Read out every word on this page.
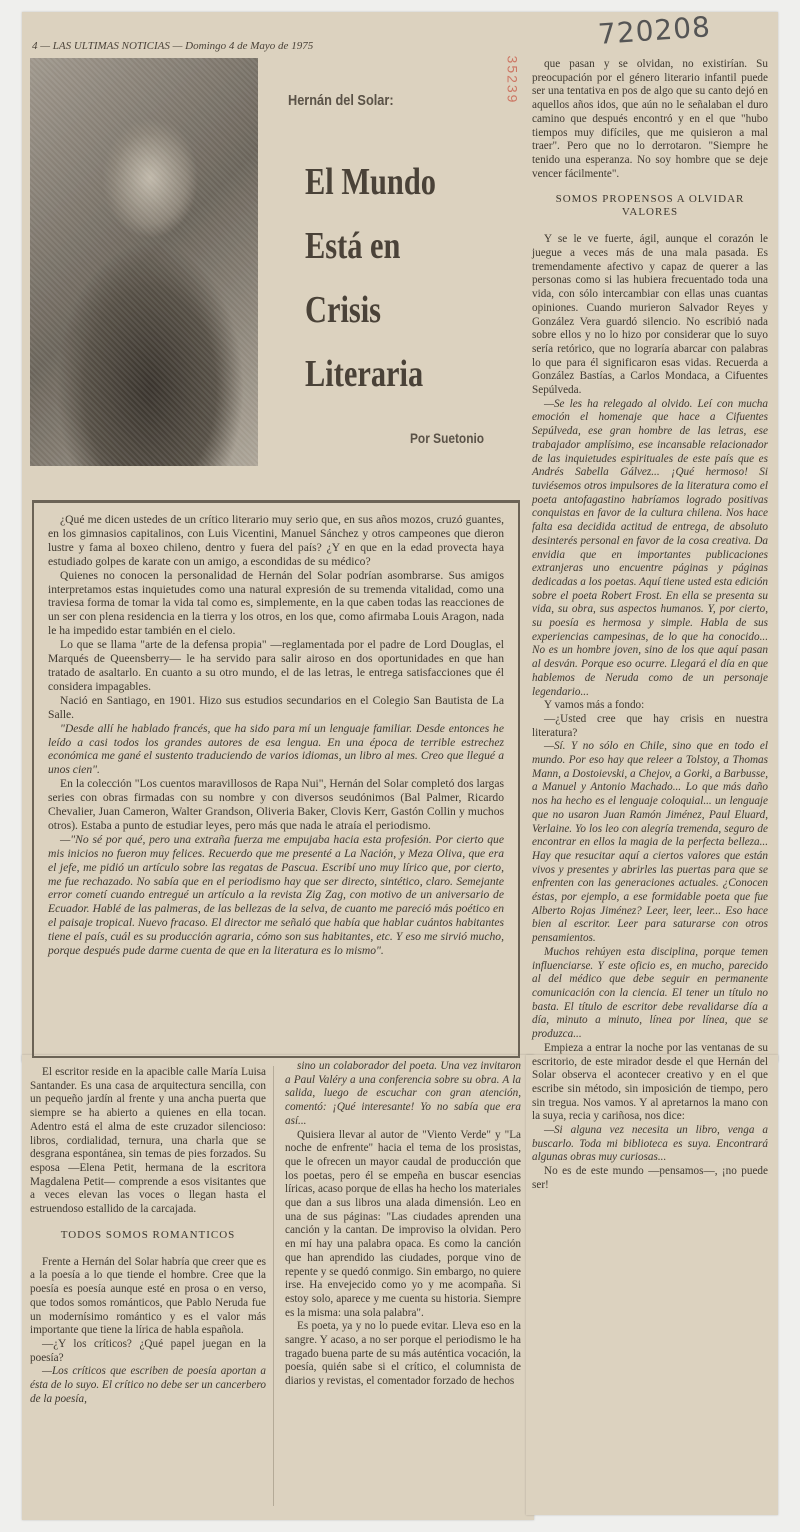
4 — LAS ULTIMAS NOTICIAS — Domingo 4 de Mayo de 1975
Hernán del Solar:
El Mundo
Está en
Crisis
Literaria
Por Suetonio
35239
720208

que pasan y se olvidan, no existirían. Su preocupación por el género literario infantil puede ser una tentativa en pos de algo que su canto dejó en aquellos años idos, que aún no le señalaban el duro camino que después encontró y en el que "hubo tiempos muy difíciles, que me quisieron a mal traer". Pero que no lo derrotaron. "Siempre he tenido una esperanza. No soy hombre que se deje vencer fácilmente".

SOMOS PROPENSOS A OLVIDAR VALORES

Y se le ve fuerte, ágil, aunque el corazón le juegue a veces más de una mala pasada. Es tremendamente afectivo y capaz de querer a las personas como si las hubiera frecuentado toda una vida, con sólo intercambiar con ellas unas cuantas opiniones. Cuando murieron Salvador Reyes y González Vera guardó silencio. No escribió nada sobre ellos y no lo hizo por considerar que lo suyo sería retórico, que no lograría abarcar con palabras lo que para él significaron esas vidas. Recuerda a González Bastías, a Carlos Mondaca, a Cifuentes Sepúlveda.

—Se les ha relegado al olvido. Leí con mucha emoción el homenaje que hace a Cifuentes Sepúlveda, ese gran hombre de las letras, ese trabajador amplísimo, ese incansable relacionador de las inquietudes espirituales de este país que es Andrés Sabella Gálvez... ¡Qué hermoso! Si tuviésemos otros impulsores de la literatura como el poeta antofagastino habríamos logrado positivas conquistas en favor de la cultura chilena. Nos hace falta esa decidida actitud de entrega, de absoluto desinterés personal en favor de la cosa creativa. Da envidia que en importantes publicaciones extranjeras uno encuentre páginas y páginas dedicadas a los poetas. Aquí tiene usted esta edición sobre el poeta Robert Frost. En ella se presenta su vida, su obra, sus aspectos humanos. Y, por cierto, su poesía es hermosa y simple. Habla de sus experiencias campesinas, de lo que ha conocido... No es un hombre joven, sino de los que aquí pasan al desván. Porque eso ocurre. Llegará el día en que hablemos de Neruda como de un personaje legendario...

Y vamos más a fondo:

—¿Usted cree que hay crisis en nuestra literatura?

—Sí. Y no sólo en Chile, sino que en todo el mundo. Por eso hay que releer a Tolstoy, a Thomas Mann, a Dostoievski, a Chejov, a Gorki, a Barbusse, a Manuel y Antonio Machado... Lo que más daño nos ha hecho es el lenguaje coloquial... un lenguaje que no usaron Juan Ramón Jiménez, Paul Eluard, Verlaine. Yo los leo con alegría tremenda, seguro de encontrar en ellos la magia de la perfecta belleza... Hay que resucitar aquí a ciertos valores que están vivos y presentes y abrirles las puertas para que se enfrenten con las generaciones actuales. ¿Conocen éstas, por ejemplo, a ese formidable poeta que fue Alberto Rojas Jiménez? Leer, leer, leer... Eso hace bien al escritor. Leer para saturarse con otros pensamientos.

Muchos rehúyen esta disciplina, porque temen influenciarse. Y este oficio es, en mucho, parecido al del médico que debe seguir en permanente comunicación con la ciencia. El tener un título no basta. El título de escritor debe revalidarse día a día, minuto a minuto, línea por línea, que se produzca...

Empieza a entrar la noche por las ventanas de su escritorio, de este mirador desde el que Hernán del Solar observa el acontecer creativo y en el que escribe sin método, sin imposición de tiempo, pero sin tregua. Nos vamos. Y al apretarnos la mano con la suya, recia y cariñosa, nos dice:

—Si alguna vez necesita un libro, venga a buscarlo. Toda mi biblioteca es suya. Encontrará algunas obras muy curiosas...

No es de este mundo —pensamos—, ¡no puede ser!

¿Qué me dicen ustedes de un crítico literario muy serio que, en sus años mozos, cruzó guantes, en los gimnasios capitalinos, con Luis Vicentini, Manuel Sánchez y otros campeones que dieron lustre y fama al boxeo chileno, dentro y fuera del país? ¿Y en que en la edad provecta haya estudiado golpes de karate con un amigo, a escondidas de su médico?

Quienes no conocen la personalidad de Hernán del Solar podrían asombrarse. Sus amigos interpretamos estas inquietudes como una natural expresión de su tremenda vitalidad, como una traviesa forma de tomar la vida tal como es, simplemente, en la que caben todas las reacciones de un ser con plena residencia en la tierra y los otros, en los que, como afirmaba Louis Aragon, nada le ha impedido estar también en el cielo.

Lo que se llama "arte de la defensa propia" —reglamentada por el padre de Lord Douglas, el Marqués de Queensberry— le ha servido para salir airoso en dos oportunidades en que han tratado de asaltarlo. En cuanto a su otro mundo, el de las letras, le entrega satisfacciones que él considera impagables.

Nació en Santiago, en 1901. Hizo sus estudios secundarios en el Colegio San Bautista de La Salle.

"Desde allí he hablado francés, que ha sido para mí un lenguaje familiar. Desde entonces he leído a casi todos los grandes autores de esa lengua. En una época de terrible estrechez económica me gané el sustento traduciendo de varios idiomas, un libro al mes. Creo que llegué a unos cien".

En la colección "Los cuentos maravillosos de Rapa Nui", Hernán del Solar completó dos largas series con obras firmadas con su nombre y con diversos seudónimos (Bal Palmer, Ricardo Chevalier, Juan Cameron, Walter Grandson, Oliveria Baker, Clovis Kerr, Gastón Collin y muchos otros). Estaba a punto de estudiar leyes, pero más que nada le atraía el periodismo.

—"No sé por qué, pero una extraña fuerza me empujaba hacia esta profesión. Por cierto que mis inicios no fueron muy felices. Recuerdo que me presenté a La Nación, y Meza Oliva, que era el jefe, me pidió un artículo sobre las regatas de Pascua. Escribí uno muy lírico que, por cierto, me fue rechazado. No sabía que en el periodismo hay que ser directo, sintético, claro. Semejante error cometí cuando entregué un artículo a la revista Zig Zag, con motivo de un aniversario de Ecuador. Hablé de las palmeras, de las bellezas de la selva, de cuanto me pareció más poético en el paisaje tropical. Nuevo fracaso. El director me señaló que había que hablar cuántos habitantes tiene el país, cuál es su producción agraria, cómo son sus habitantes, etc. Y eso me sirvió mucho, porque después pude darme cuenta de que en la literatura es lo mismo".

El escritor reside en la apacible calle María Luisa Santander. Es una casa de arquitectura sencilla, con un pequeño jardín al frente y una ancha puerta que siempre se ha abierto a quienes en ella tocan. Adentro está el alma de este cruzador silencioso: libros, cordialidad, ternura, una charla que se desgrana espontánea, sin temas de pies forzados. Su esposa —Elena Petit, hermana de la escritora Magdalena Petit— comprende a esos visitantes que a veces elevan las voces o llegan hasta el estruendoso estallido de la carcajada.

TODOS SOMOS ROMANTICOS

Frente a Hernán del Solar habría que creer que es a la poesía a lo que tiende el hombre. Cree que la poesía es poesía aunque esté en prosa o en verso, que todos somos románticos, que Pablo Neruda fue un modernísimo romántico y es el valor más importante que tiene la lírica de habla española.

—¿Y los críticos? ¿Qué papel juegan en la poesía?

—Los críticos que escriben de poesía aportan a ésta de lo suyo. El crítico no debe ser un cancerbero de la poesía,

sino un colaborador del poeta. Una vez invitaron a Paul Valéry a una conferencia sobre su obra. A la salida, luego de escuchar con gran atención, comentó: ¡Qué interesante! Yo no sabía que era así...

Quisiera llevar al autor de "Viento Verde" y "La noche de enfrente" hacia el tema de los prosistas, que le ofrecen un mayor caudal de producción que los poetas, pero él se empeña en buscar esencias líricas, acaso porque de ellas ha hecho los materiales que dan a sus libros una alada dimensión. Leo en una de sus páginas: "Las ciudades aprenden una canción y la cantan. De improviso la olvidan. Pero en mí hay una palabra opaca. Es como la canción que han aprendido las ciudades, porque vino de repente y se quedó conmigo. Sin embargo, no quiere irse. Ha envejecido como yo y me acompaña. Si estoy solo, aparece y me cuenta su historia. Siempre es la misma: una sola palabra".

Es poeta, ya y no lo puede evitar. Lleva eso en la sangre. Y acaso, a no ser porque el periodismo le ha tragado buena parte de su más auténtica vocación, la poesía, quién sabe si el crítico, el columnista de diarios y revistas, el comentador forzado de hechos
